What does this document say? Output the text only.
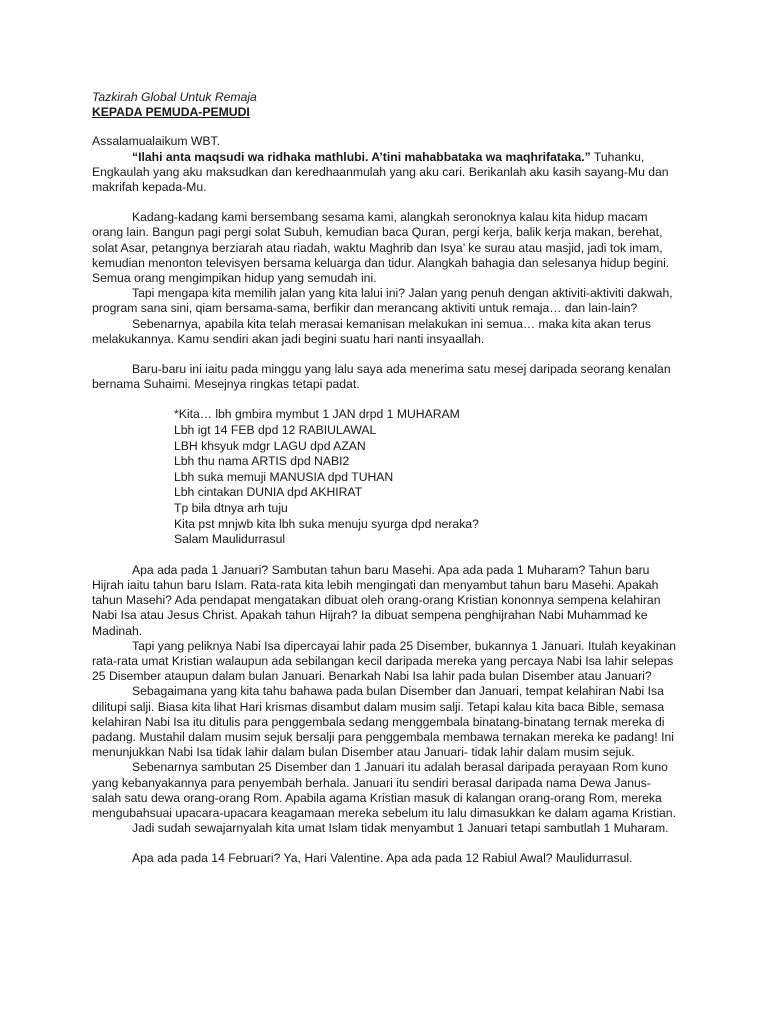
Tazkirah Global Untuk Remaja
KEPADA PEMUDA-PEMUDI

Assalamualaikum WBT.

“Ilahi anta maqsudi wa ridhaka mathlubi. A’tini mahabbataka wa maqhrifataka.” Tuhanku, Engkaulah yang aku maksudkan dan keredhaanmulah yang aku cari. Berikanlah aku kasih sayang-Mu dan makrifah kepada-Mu.

Kadang-kadang kami bersembang sesama kami, alangkah seronoknya kalau kita hidup macam orang lain. Bangun pagi pergi solat Subuh, kemudian baca Quran, pergi kerja, balik kerja makan, berehat, solat Asar, petangnya berziarah atau riadah, waktu Maghrib dan Isya’ ke surau atau masjid, jadi tok imam, kemudian menonton televisyen bersama keluarga dan tidur. Alangkah bahagia dan selesanya hidup begini. Semua orang mengimpikan hidup yang semudah ini.

Tapi mengapa kita memilih jalan yang kita lalui ini? Jalan yang penuh dengan aktiviti-aktiviti dakwah, program sana sini, qiam bersama-sama, berfikir dan merancang aktiviti untuk remaja… dan lain-lain?

Sebenarnya, apabila kita telah merasai kemanisan melakukan ini semua… maka kita akan terus melakukannya. Kamu sendiri akan jadi begini suatu hari nanti insyaallah.

Baru-baru ini iaitu pada minggu yang lalu saya ada menerima satu mesej daripada seorang kenalan bernama Suhaimi. Mesejnya ringkas tetapi padat.

*Kita… lbh gmbira mymbut 1 JAN drpd 1 MUHARAM
Lbh igt 14 FEB dpd 12 RABIULAWAL
LBH khsyuk mdgr LAGU dpd AZAN
Lbh thu nama ARTIS dpd NABI2
Lbh suka memuji MANUSIA dpd TUHAN
Lbh cintakan DUNIA dpd AKHIRAT
Tp bila dtnya arh tuju
Kita pst mnjwb kita lbh suka menuju syurga dpd neraka?
Salam Maulidurrasul

Apa ada pada 1 Januari? Sambutan tahun baru Masehi. Apa ada pada 1 Muharam? Tahun baru Hijrah iaitu tahun baru Islam. Rata-rata kita lebih mengingati dan menyambut tahun baru Masehi. Apakah tahun Masehi? Ada pendapat mengatakan dibuat oleh orang-orang Kristian kononnya sempena kelahiran Nabi Isa atau Jesus Christ. Apakah tahun Hijrah? Ia dibuat sempena penghijrahan Nabi Muhammad ke Madinah.

Tapi yang peliknya Nabi Isa dipercayai lahir pada 25 Disember, bukannya 1 Januari. Itulah keyakinan rata-rata umat Kristian walaupun ada sebilangan kecil daripada mereka yang percaya Nabi Isa lahir selepas 25 Disember ataupun dalam bulan Januari. Benarkah Nabi Isa lahir pada bulan Disember atau Januari?

Sebagaimana yang kita tahu bahawa pada bulan Disember dan Januari, tempat kelahiran Nabi Isa dilitupi salji. Biasa kita lihat Hari krismas disambut dalam musim salji. Tetapi kalau kita baca Bible, semasa kelahiran Nabi Isa itu ditulis para penggembala sedang menggembala binatang-binatang ternak mereka di padang. Mustahil dalam musim sejuk bersalji para penggembala membawa ternakan mereka ke padang! Ini menunjukkan Nabi Isa tidak lahir dalam bulan Disember atau Januari- tidak lahir dalam musim sejuk.

Sebenarnya sambutan 25 Disember dan 1 Januari itu adalah berasal daripada perayaan Rom kuno yang kebanyakannya para penyembah berhala. Januari itu sendiri berasal daripada nama Dewa Janus- salah satu dewa orang-orang Rom. Apabila agama Kristian masuk di kalangan orang-orang Rom, mereka mengubahsuai upacara-upacara keagamaan mereka sebelum itu lalu dimasukkan ke dalam agama Kristian.

Jadi sudah sewajarnyalah kita umat Islam tidak menyambut 1 Januari tetapi sambutlah 1 Muharam.

Apa ada pada 14 Februari? Ya, Hari Valentine. Apa ada pada 12 Rabiul Awal? Maulidurrasul.
